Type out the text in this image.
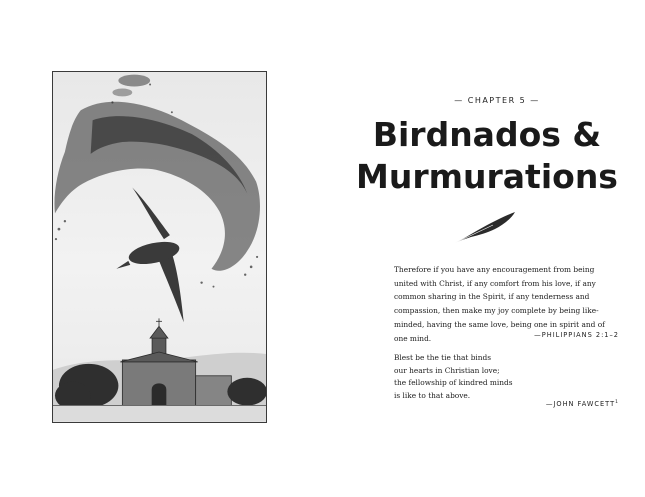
— CHAPTER 5 —
Birdnados &
Murmurations
Therefore if you have any encouragement from being united with Christ, if any comfort from his love, if any common sharing in the Spirit, if any tenderness and compassion, then make my joy complete by being like-minded, having the same love, being one in spirit and of one mind.	—PHILIPPIANS 2:1–2
Blest be the tie that binds
our hearts in Christian love;
the fellowship of kindred minds
is like to that above.
—JOHN FAWCETT$^1$
